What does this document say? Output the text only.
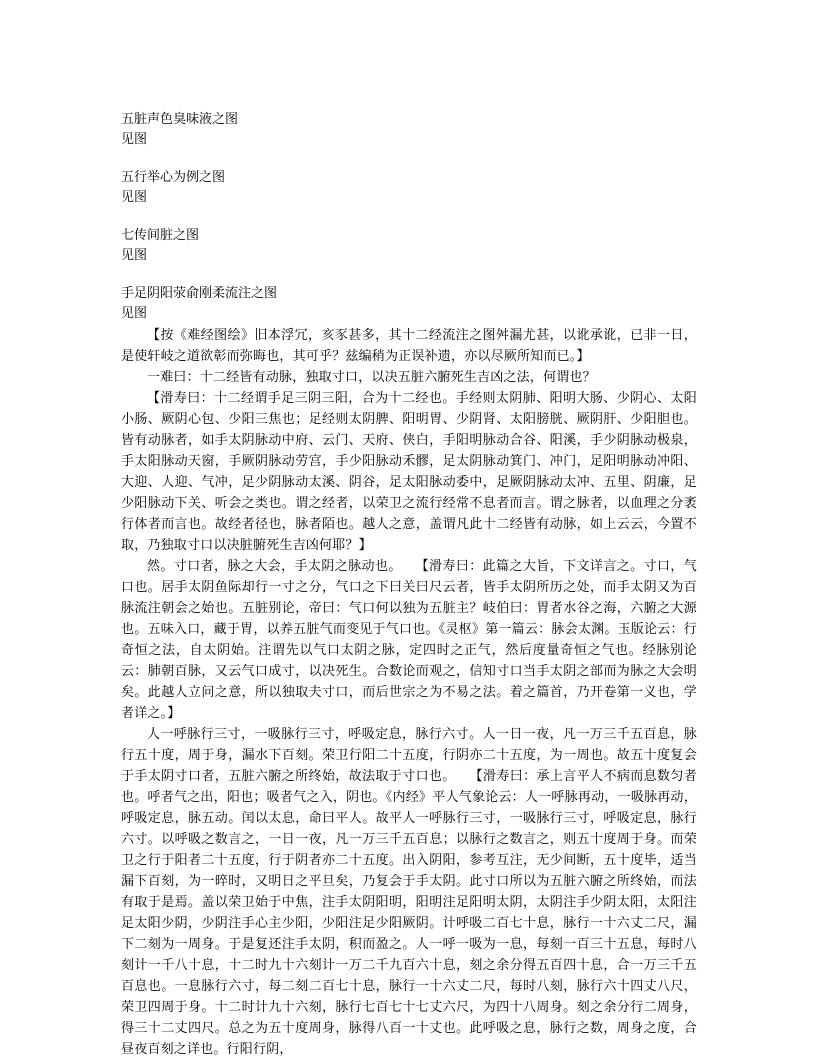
五脏声色臭味液之图
见图
五行举心为例之图
见图
七传间脏之图
见图
手足阴阳荥俞刚柔流注之图
见图

【按《难经图绘》旧本浮冗，亥豕甚多，其十二经流注之图舛漏尤甚，以讹承讹，已非一日，是使轩岐之道欲彰而弥晦也，其可乎？兹编稍为正误补遗，亦以尽厥所知而已。】

一难曰：十二经皆有动脉，独取寸口，以决五脏六腑死生吉凶之法，何谓也？

【滑寿曰：十二经谓手足三阴三阳，合为十二经也。手经则太阴肺、阳明大肠、少阴心、太阳小肠、厥阴心包、少阳三焦也；足经则太阴脾、阳明胃、少阴肾、太阳膀胱、厥阴肝、少阳胆也。皆有动脉者，如手太阴脉动中府、云门、天府、侠白，手阳明脉动合谷、阳溪，手少阴脉动极泉，手太阳脉动天窗，手厥阴脉动劳宫，手少阳脉动禾髎，足太阴脉动箕门、冲门，足阳明脉动冲阳、大迎、人迎、气冲，足少阴脉动太溪、阴谷，足太阳脉动委中，足厥阴脉动太冲、五里、阴廉，足少阳脉动下关、听会之类也。谓之经者，以荣卫之流行经常不息者而言。谓之脉者，以血理之分袤行体者而言也。故经者径也，脉者陌也。越人之意，盖谓凡此十二经皆有动脉，如上云云，今置不取，乃独取寸口以决脏腑死生吉凶何耶？】

然。寸口者，脉之大会，手太阴之脉动也。　　【滑寿曰：此篇之大旨，下文详言之。寸口，气口也。居手太阴鱼际却行一寸之分，气口之下曰关曰尺云者，皆手太阴所历之处，而手太阴又为百脉流注朝会之始也。五脏别论，帝曰：气口何以独为五脏主？岐伯曰：胃者水谷之海，六腑之大源也。五味入口，藏于胃，以养五脏气而变见于气口也。《灵枢》第一篇云：脉会太渊。玉版论云：行奇恒之法，自太阴始。注谓先以气口太阴之脉，定四时之正气，然后度量奇恒之气也。经脉别论云：肺朝百脉，又云气口成寸，以决死生。合数论而观之，信知寸口当手太阴之部而为脉之大会明矣。此越人立问之意，所以独取夫寸口，而后世宗之为不易之法。着之篇首，乃开卷第一义也，学者详之。】

人一呼脉行三寸，一吸脉行三寸，呼吸定息，脉行六寸。人一日一夜，凡一万三千五百息，脉行五十度，周于身，漏水下百刻。荣卫行阳二十五度，行阴亦二十五度，为一周也。故五十度复会于手太阴寸口者，五脏六腑之所终始，故法取于寸口也。　　【滑寿曰：承上言平人不病而息数匀者也。呼者气之出，阳也；吸者气之入，阴也。《内经》平人气象论云：人一呼脉再动，一吸脉再动，呼吸定息，脉五动。闰以太息，命曰平人。故平人一呼脉行三寸，一吸脉行三寸，呼吸定息，脉行六寸。以呼吸之数言之，一日一夜，凡一万三千五百息；以脉行之数言之，则五十度周于身。而荣卫之行于阳者二十五度，行于阴者亦二十五度。出入阴阳，参考互注，无少间断，五十度毕，适当漏下百刻，为一晬时，又明日之平旦矣，乃复会于手太阴。此寸口所以为五脏六腑之所终始，而法有取于是焉。盖以荣卫始于中焦，注手太阴阳明，阳明注足阳明太阴，太阴注手少阴太阳，太阳注足太阳少阴，少阴注手心主少阳，少阳注足少阳厥阴。计呼吸二百七十息，脉行一十六丈二尺，漏下二刻为一周身。于是复还注手太阴，积而盈之。人一呼一吸为一息，每刻一百三十五息，每时八刻计一千八十息，十二时九十六刻计一万二千九百六十息，刻之余分得五百四十息，合一万三千五百息也。一息脉行六寸，每二刻二百七十息，脉行一十六丈二尺，每时八刻，脉行六十四丈八尺，荣卫四周于身。十二时计九十六刻，脉行七百七十七丈六尺，为四十八周身。刻之余分行二周身，得三十二丈四尺。总之为五十度周身，脉得八百一十丈也。此呼吸之息，脉行之数，周身之度，合昼夜百刻之详也。行阳行阴，
